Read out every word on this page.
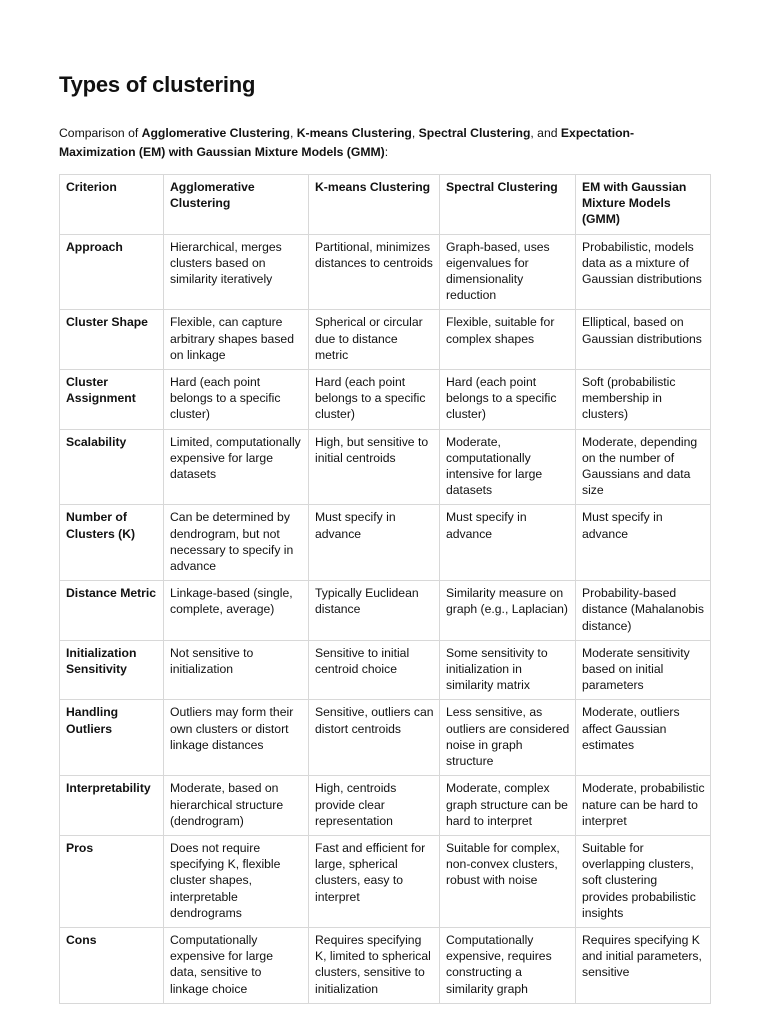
Types of clustering

Comparison of Agglomerative Clustering, K-means Clustering, Spectral Clustering, and Expectation-Maximization (EM) with Gaussian Mixture Models (GMM):

Criterion	Agglomerative Clustering	K-means Clustering	Spectral Clustering	EM with Gaussian Mixture Models (GMM)
Approach	Hierarchical, merges clusters based on similarity iteratively	Partitional, minimizes distances to centroids	Graph-based, uses eigenvalues for dimensionality reduction	Probabilistic, models data as a mixture of Gaussian distributions
Cluster Shape	Flexible, can capture arbitrary shapes based on linkage	Spherical or circular due to distance metric	Flexible, suitable for complex shapes	Elliptical, based on Gaussian distributions
Cluster Assignment	Hard (each point belongs to a specific cluster)	Hard (each point belongs to a specific cluster)	Hard (each point belongs to a specific cluster)	Soft (probabilistic membership in clusters)
Scalability	Limited, computationally expensive for large datasets	High, but sensitive to initial centroids	Moderate, computationally intensive for large datasets	Moderate, depending on the number of Gaussians and data size
Number of Clusters (K)	Can be determined by dendrogram, but not necessary to specify in advance	Must specify in advance	Must specify in advance	Must specify in advance
Distance Metric	Linkage-based (single, complete, average)	Typically Euclidean distance	Similarity measure on graph (e.g., Laplacian)	Probability-based distance (Mahalanobis distance)
Initialization Sensitivity	Not sensitive to initialization	Sensitive to initial centroid choice	Some sensitivity to initialization in similarity matrix	Moderate sensitivity based on initial parameters
Handling Outliers	Outliers may form their own clusters or distort linkage distances	Sensitive, outliers can distort centroids	Less sensitive, as outliers are considered noise in graph structure	Moderate, outliers affect Gaussian estimates
Interpretability	Moderate, based on hierarchical structure (dendrogram)	High, centroids provide clear representation	Moderate, complex graph structure can be hard to interpret	Moderate, probabilistic nature can be hard to interpret
Pros	Does not require specifying K, flexible cluster shapes, interpretable dendrograms	Fast and efficient for large, spherical clusters, easy to interpret	Suitable for complex, non-convex clusters, robust with noise	Suitable for overlapping clusters, soft clustering provides probabilistic insights
Cons	Computationally expensive for large data, sensitive to linkage choice	Requires specifying K, limited to spherical clusters, sensitive to initialization	Computationally expensive, requires constructing a similarity graph	Requires specifying K and initial parameters, sensitive
